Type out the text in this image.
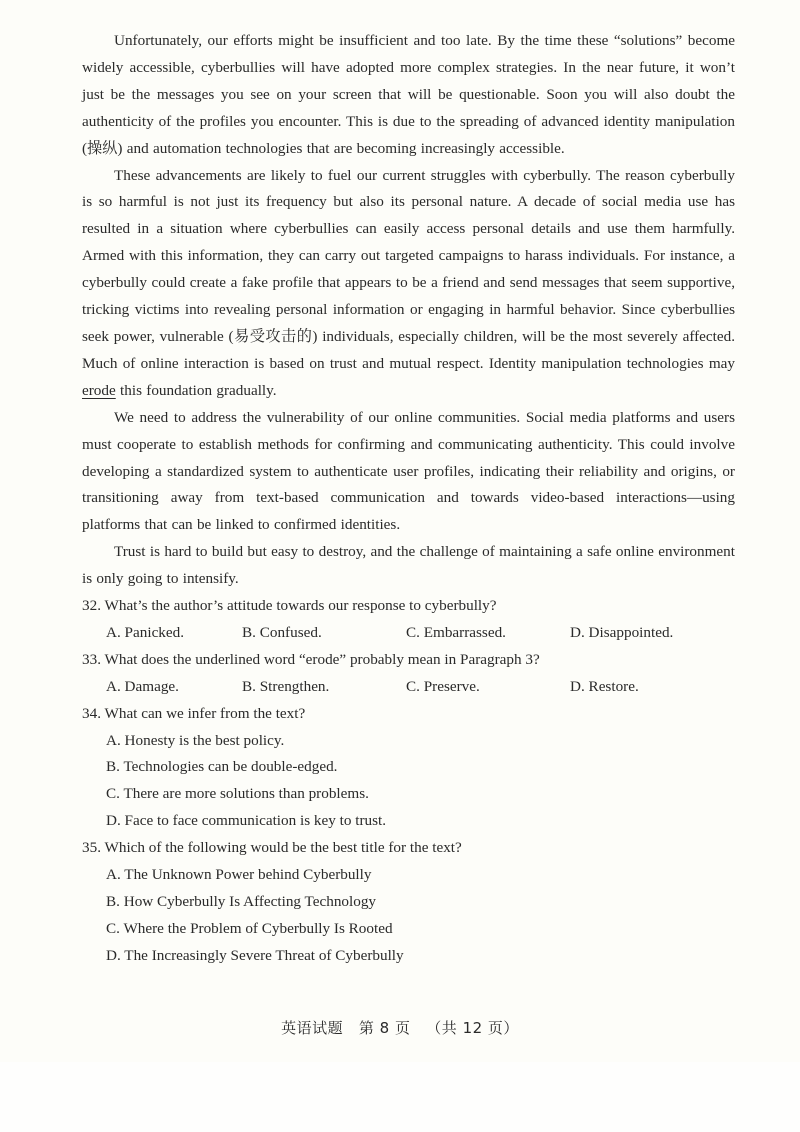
Unfortunately, our efforts might be insufficient and too late. By the time these “solutions” become widely accessible, cyberbullies will have adopted more complex strategies. In the near future, it won’t just be the messages you see on your screen that will be questionable. Soon you will also doubt the authenticity of the profiles you encounter. This is due to the spreading of advanced identity manipulation (操纵) and automation technologies that are becoming increasingly accessible.

These advancements are likely to fuel our current struggles with cyberbully. The reason cyberbully is so harmful is not just its frequency but also its personal nature. A decade of social media use has resulted in a situation where cyberbullies can easily access personal details and use them harmfully. Armed with this information, they can carry out targeted campaigns to harass individuals. For instance, a cyberbully could create a fake profile that appears to be a friend and send messages that seem supportive, tricking victims into revealing personal information or engaging in harmful behavior. Since cyberbullies seek power, vulnerable (易受攻击的) individuals, especially children, will be the most severely affected. Much of online interaction is based on trust and mutual respect. Identity manipulation technologies may erode this foundation gradually.

We need to address the vulnerability of our online communities. Social media platforms and users must cooperate to establish methods for confirming and communicating authenticity. This could involve developing a standardized system to authenticate user profiles, indicating their reliability and origins, or transitioning away from text-based communication and towards video-based interactions—using platforms that can be linked to confirmed identities.

Trust is hard to build but easy to destroy, and the challenge of maintaining a safe online environment is only going to intensify.

32. What’s the author’s attitude towards our response to cyberbully?
A. Panicked.	B. Confused.	C. Embarrassed.	D. Disappointed.
33. What does the underlined word “erode” probably mean in Paragraph 3?
A. Damage.	B. Strengthen.	C. Preserve.	D. Restore.
34. What can we infer from the text?
A. Honesty is the best policy.
B. Technologies can be double-edged.
C. There are more solutions than problems.
D. Face to face communication is key to trust.
35. Which of the following would be the best title for the text?
A. The Unknown Power behind Cyberbully
B. How Cyberbully Is Affecting Technology
C. Where the Problem of Cyberbully Is Rooted
D. The Increasingly Severe Threat of Cyberbully
英语试题 第 8 页 （共 12 页）
